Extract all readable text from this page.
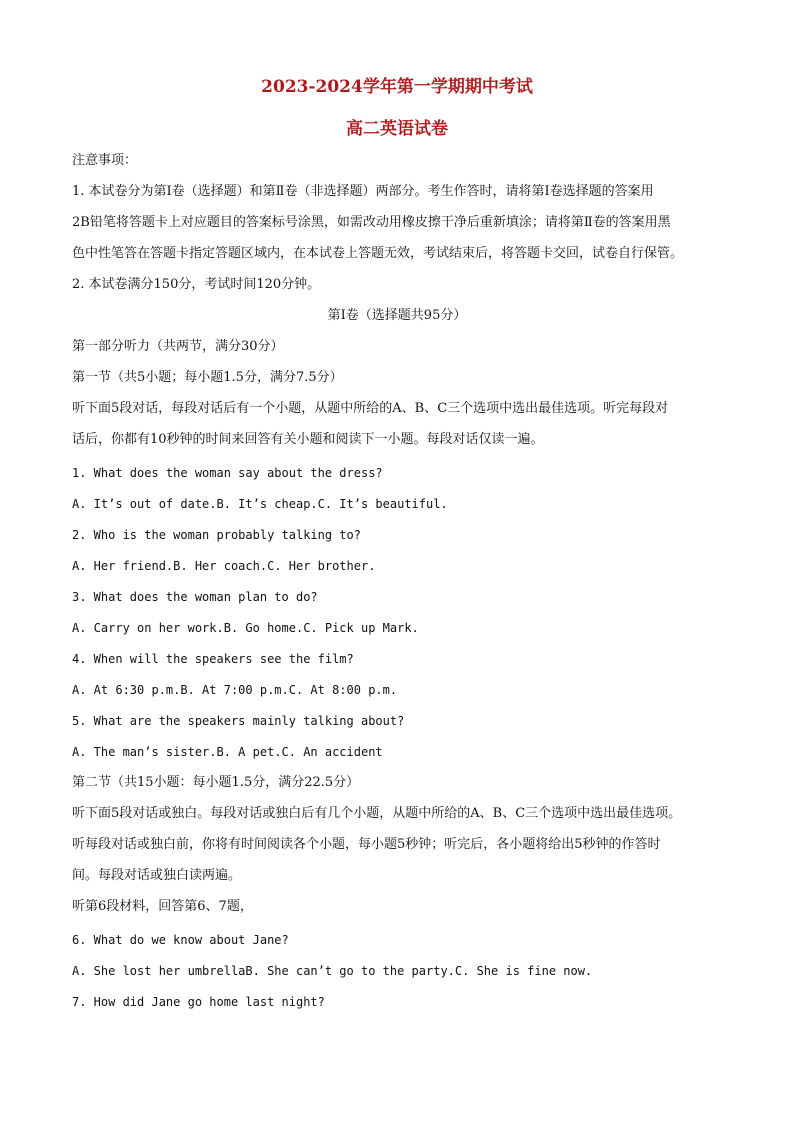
2023-2024学年第一学期期中考试
高二英语试卷
注意事项：
1. 本试卷分为第Ⅰ卷（选择题）和第Ⅱ卷（非选择题）两部分。考生作答时，请将第Ⅰ卷选择题的答案用
2B铅笔将答题卡上对应题目的答案标号涂黑，如需改动用橡皮擦干净后重新填涂；请将第Ⅱ卷的答案用黑
色中性笔答在答题卡指定答题区域内，在本试卷上答题无效，考试结束后，将答题卡交回，试卷自行保管。
2. 本试卷满分150分，考试时间120分钟。
第Ⅰ卷（选择题共95分）
第一部分听力（共两节，满分30分）
第一节（共5小题；每小题1.5分，满分7.5分）
听下面5段对话，每段对话后有一个小题，从题中所给的A、B、C三个选项中选出最佳选项。听完每段对
话后，你都有10秒钟的时间来回答有关小题和阅读下一小题。每段对话仅读一遍。
1. What does the woman say about the dress?
A. It’s out of date.B. It’s cheap.C. It’s beautiful.
2. Who is the woman probably talking to?
A. Her friend.B. Her coach.C. Her brother.
3. What does the woman plan to do?
A. Carry on her work.B. Go home.C. Pick up Mark.
4. When will the speakers see the film?
A. At 6:30 p.m.B. At 7:00 p.m.C. At 8:00 p.m.
5. What are the speakers mainly talking about?
A. The man’s sister.B. A pet.C. An accident
第二节（共15小题：每小题1.5分，满分22.5分）
听下面5段对话或独白。每段对话或独白后有几个小题，从题中所给的A、B、C三个选项中选出最佳选项。
听每段对话或独白前，你将有时间阅读各个小题，每小题5秒钟；听完后，各小题将给出5秒钟的作答时
间。每段对话或独白读两遍。
听第6段材料，回答第6、7题，
6. What do we know about Jane?
A. She lost her umbrellaB. She can’t go to the party.C. She is fine now.
7. How did Jane go home last night?
